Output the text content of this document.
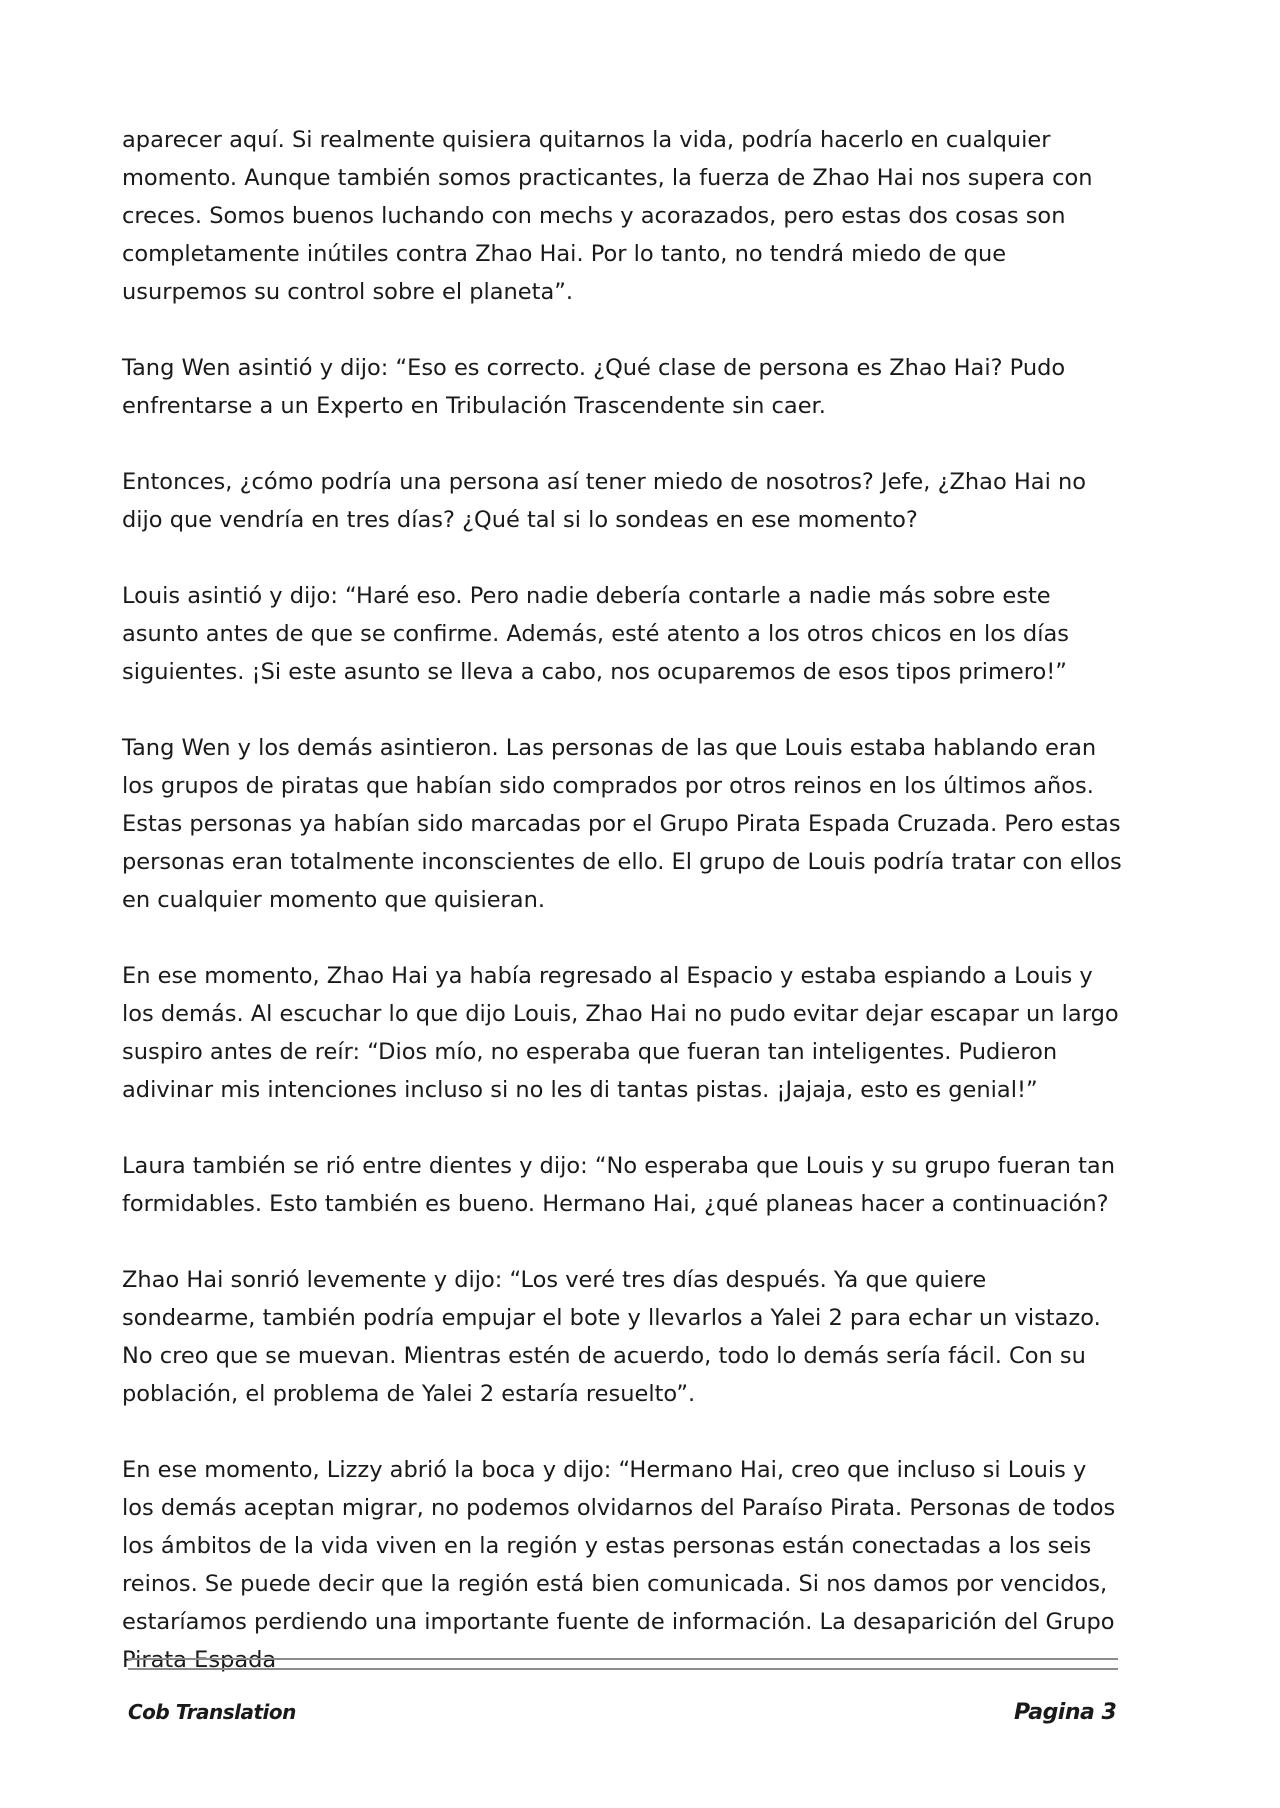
aparecer aquí. Si realmente quisiera quitarnos la vida, podría hacerlo en cualquier momento. Aunque también somos practicantes, la fuerza de Zhao Hai nos supera con creces. Somos buenos luchando con mechs y acorazados, pero estas dos cosas son completamente inútiles contra Zhao Hai. Por lo tanto, no tendrá miedo de que usurpemos su control sobre el planeta”.

Tang Wen asintió y dijo: “Eso es correcto. ¿Qué clase de persona es Zhao Hai? Pudo enfrentarse a un Experto en Tribulación Trascendente sin caer.

Entonces, ¿cómo podría una persona así tener miedo de nosotros? Jefe, ¿Zhao Hai no dijo que vendría en tres días? ¿Qué tal si lo sondeas en ese momento?

Louis asintió y dijo: “Haré eso. Pero nadie debería contarle a nadie más sobre este asunto antes de que se confirme. Además, esté atento a los otros chicos en los días siguientes. ¡Si este asunto se lleva a cabo, nos ocuparemos de esos tipos primero!”

Tang Wen y los demás asintieron. Las personas de las que Louis estaba hablando eran los grupos de piratas que habían sido comprados por otros reinos en los últimos años. Estas personas ya habían sido marcadas por el Grupo Pirata Espada Cruzada. Pero estas personas eran totalmente inconscientes de ello. El grupo de Louis podría tratar con ellos en cualquier momento que quisieran.

En ese momento, Zhao Hai ya había regresado al Espacio y estaba espiando a Louis y los demás. Al escuchar lo que dijo Louis, Zhao Hai no pudo evitar dejar escapar un largo suspiro antes de reír: “Dios mío, no esperaba que fueran tan inteligentes. Pudieron adivinar mis intenciones incluso si no les di tantas pistas. ¡Jajaja, esto es genial!”

Laura también se rió entre dientes y dijo: “No esperaba que Louis y su grupo fueran tan formidables. Esto también es bueno. Hermano Hai, ¿qué planeas hacer a continuación?

Zhao Hai sonrió levemente y dijo: “Los veré tres días después. Ya que quiere sondearme, también podría empujar el bote y llevarlos a Yalei 2 para echar un vistazo. No creo que se muevan. Mientras estén de acuerdo, todo lo demás sería fácil. Con su población, el problema de Yalei 2 estaría resuelto”.

En ese momento, Lizzy abrió la boca y dijo: “Hermano Hai, creo que incluso si Louis y los demás aceptan migrar, no podemos olvidarnos del Paraíso Pirata. Personas de todos los ámbitos de la vida viven en la región y estas personas están conectadas a los seis reinos. Se puede decir que la región está bien comunicada. Si nos damos por vencidos, estaríamos perdiendo una importante fuente de información. La desaparición del Grupo Pirata Espada

Cob Translation	Pagina 3
